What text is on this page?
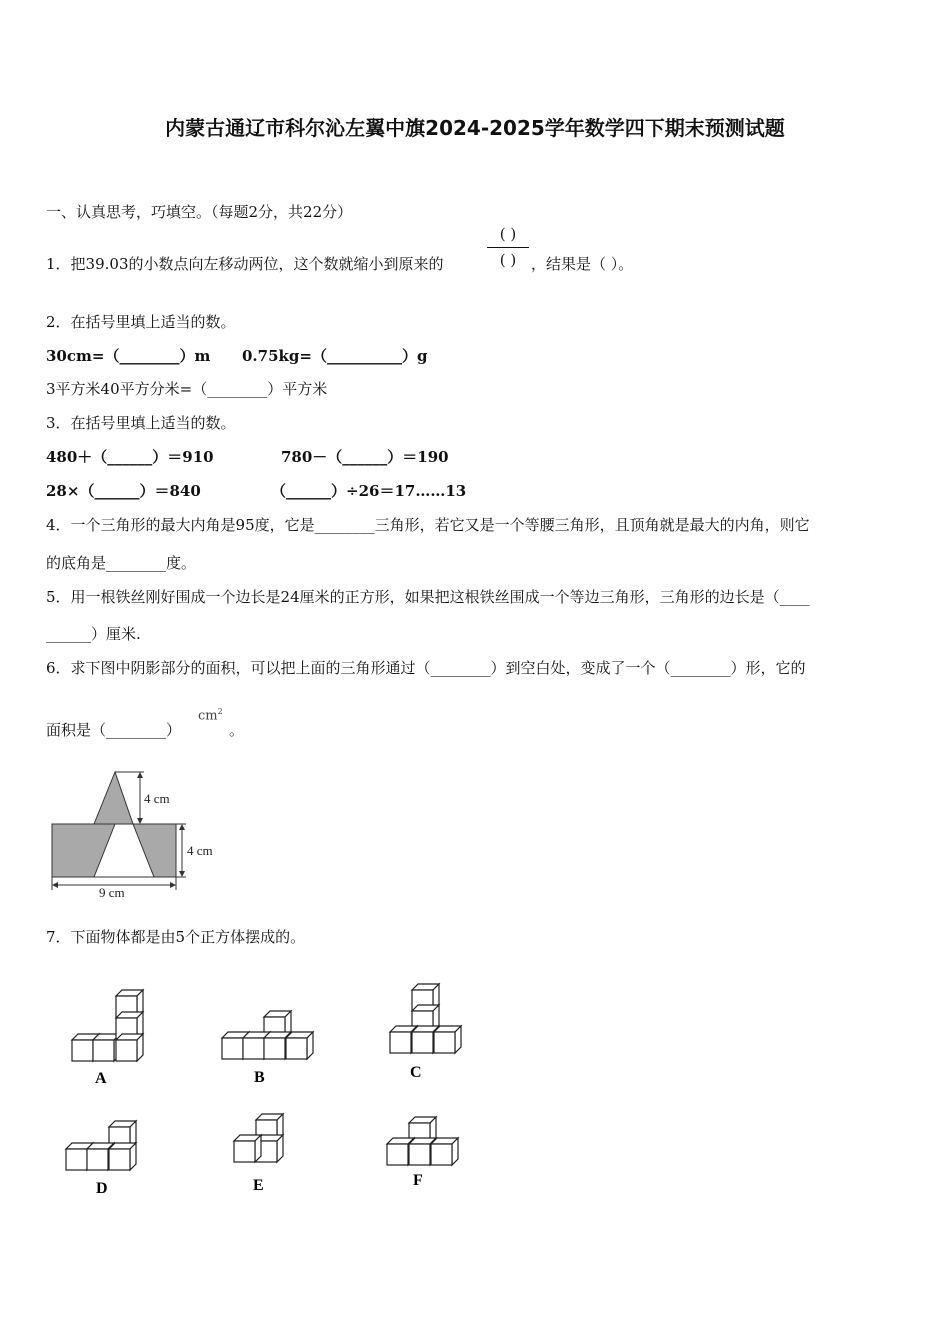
内蒙古通辽市科尔沁左翼中旗2024-2025学年数学四下期末预测试题
一、认真思考，巧填空。（每题2分，共22分）
1．把39.03的小数点向左移动两位，这个数就缩小到原来的
( )
( ) ，结果是（ ）。
2．在括号里填上适当的数。
30cm=（________）m 0.75kg=（__________）g
3平方米40平方分米=（________）平方米
3．在括号里填上适当的数。
480＋（______）＝910	780－（______）＝190
28×（______）＝840	（______）÷26＝17……13
4．一个三角形的最大内角是95度，它是________三角形，若它又是一个等腰三角形，且顶角就是最大的内角，则它
的底角是________度。
5．用一根铁丝刚好围成一个边长是24厘米的正方形，如果把这根铁丝围成一个等边三角形，三角形的边长是（____
______）厘米.
6．求下图中阴影部分的面积，可以把上面的三角形通过（________）到空白处，变成了一个（________）形，它的
面积是（________）
$cm^2$
。
4 cm
4 cm
9 cm
7．下面物体都是由5个正方体摆成的。
A	B	C
D	E	F
